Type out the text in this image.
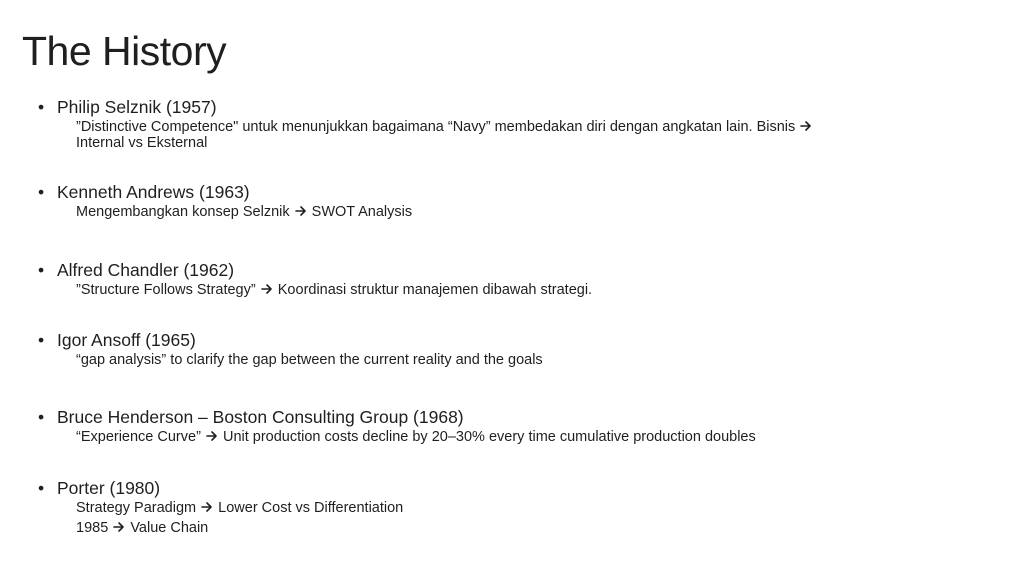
The History
• Philip Selznik (1957)
”Distinctive Competence" untuk menunjukkan bagaimana “Navy” membedakan diri dengan angkatan lain. Bisnis
Internal vs Eksternal
• Kenneth Andrews (1963)
Mengembangkan konsep Selznik
SWOT Analysis
• Alfred Chandler (1962)
”Structure Follows Strategy”
Koordinasi struktur manajemen dibawah strategi.
• Igor Ansoff (1965)
“gap analysis” to clarify the gap between the current reality and the goals
• Bruce Henderson – Boston Consulting Group (1968)
“Experience Curve”
Unit production costs decline by 20–30% every time cumulative production doubles
• Porter (1980)
Strategy Paradigm
Lower Cost vs Differentiation
1985
Value Chain
